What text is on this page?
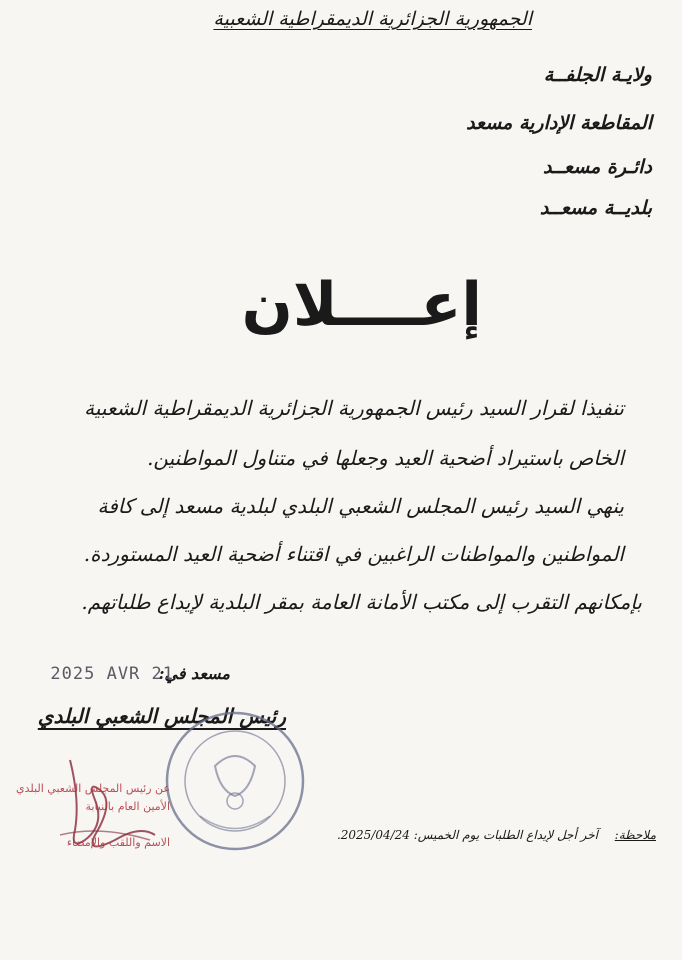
الجمهورية الجزائرية الديمقراطية الشعبية
ولايـة الجلفــة
المقاطعة الإدارية مسعد
دائـرة مسعــد
بلديــة مسعــد
إعــــلان
تنفيذا لقرار السيد رئيس الجمهورية الجزائرية الديمقراطية الشعبية
الخاص باستيراد أضحية العيد وجعلها في متناول المواطنين.
ينهي السيد رئيس المجلس الشعبي البلدي لبلدية مسعد إلى كافة
المواطنين والمواطنات الراغبين في اقتناء أضحية العيد المستوردة.
بإمكانهم التقرب إلى مكتب الأمانة العامة بمقر البلدية لإيداع طلباتهم.
مسعد في:
2025 AVR 21
رئيس المجلس الشعبي البلدي
عن رئيس المجلس الشعبي البلدي
الأمين العام بالنيابة
الاسم واللقب والإمضاء
ملاحظة:
آخر أجل لإيداع الطلبات يوم الخميس: 2025/04/24.
